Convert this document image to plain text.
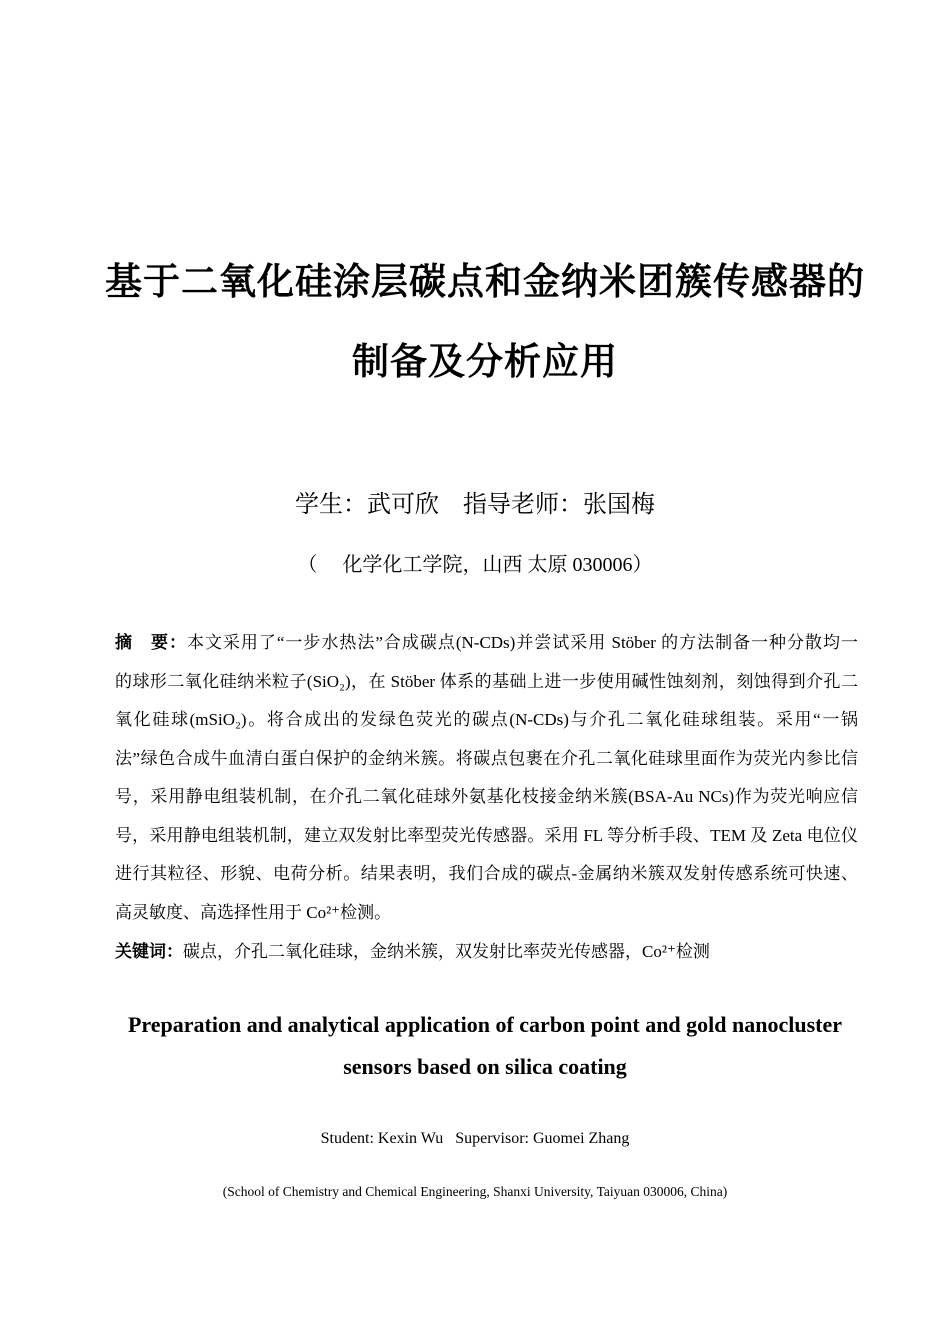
基于二氧化硅涂层碳点和金纳米团簇传感器的
制备及分析应用
学生：武可欣　指导老师：张国梅
（　 化学化工学院，山西 太原 030006）
摘　要：本文采用了“一步水热法”合成碳点(N-CDs)并尝试采用 Stöber 的方法制备一种分散均一
的球形二氧化硅纳米粒子(SiO₂)，在 Stöber 体系的基础上进一步使用碱性蚀刻剂，刻蚀得到介孔二
氧化硅球(mSiO₂)。将合成出的发绿色荧光的碳点(N-CDs)与介孔二氧化硅球组装。采用“一锅
法”绿色合成牛血清白蛋白保护的金纳米簇。将碳点包裹在介孔二氧化硅球里面作为荧光内参比信
号，采用静电组装机制，在介孔二氧化硅球外氨基化枝接金纳米簇(BSA-Au NCs)作为荧光响应信
号，采用静电组装机制，建立双发射比率型荧光传感器。采用 FL 等分析手段、TEM 及 Zeta 电位仪
进行其粒径、形貌、电荷分析。结果表明，我们合成的碳点-金属纳米簇双发射传感系统可快速、
高灵敏度、高选择性用于 Co²⁺检测。
关键词：碳点，介孔二氧化硅球，金纳米簇，双发射比率荧光传感器，Co²⁺检测
Preparation and analytical application of carbon point and gold nanocluster
sensors based on silica coating
Student: Kexin Wu   Supervisor: Guomei Zhang
(School of Chemistry and Chemical Engineering, Shanxi University, Taiyuan 030006, China)
